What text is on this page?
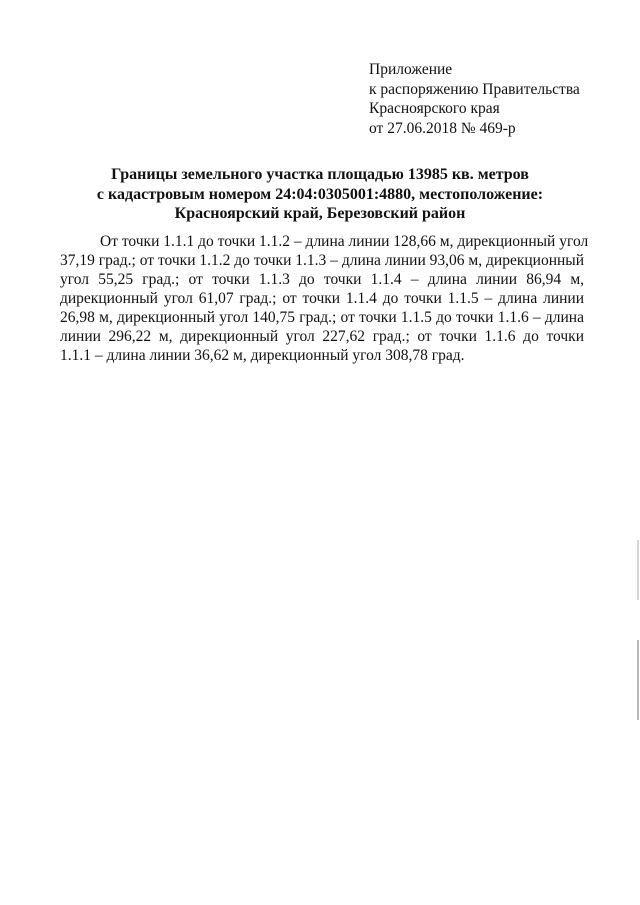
Приложение
к распоряжению Правительства
Красноярского края
от 27.06.2018 № 469-р
Границы земельного участка площадью 13985 кв. метров
с кадастровым номером 24:04:0305001:4880, местоположение:
Красноярский край, Березовский район
От точки 1.1.1 до точки 1.1.2 – длина линии 128,66 м, дирекционный угол
37,19 град.; от точки 1.1.2 до точки 1.1.3 – длина линии 93,06 м, дирекционный
угол 55,25 град.; от точки 1.1.3 до точки 1.1.4 – длина линии 86,94 м,
дирекционный угол 61,07 град.; от точки 1.1.4 до точки 1.1.5 – длина линии
26,98 м, дирекционный угол 140,75 град.; от точки 1.1.5 до точки 1.1.6 – длина
линии 296,22 м, дирекционный угол 227,62 град.; от точки 1.1.6 до точки
1.1.1 – длина линии 36,62 м, дирекционный угол 308,78 град.
